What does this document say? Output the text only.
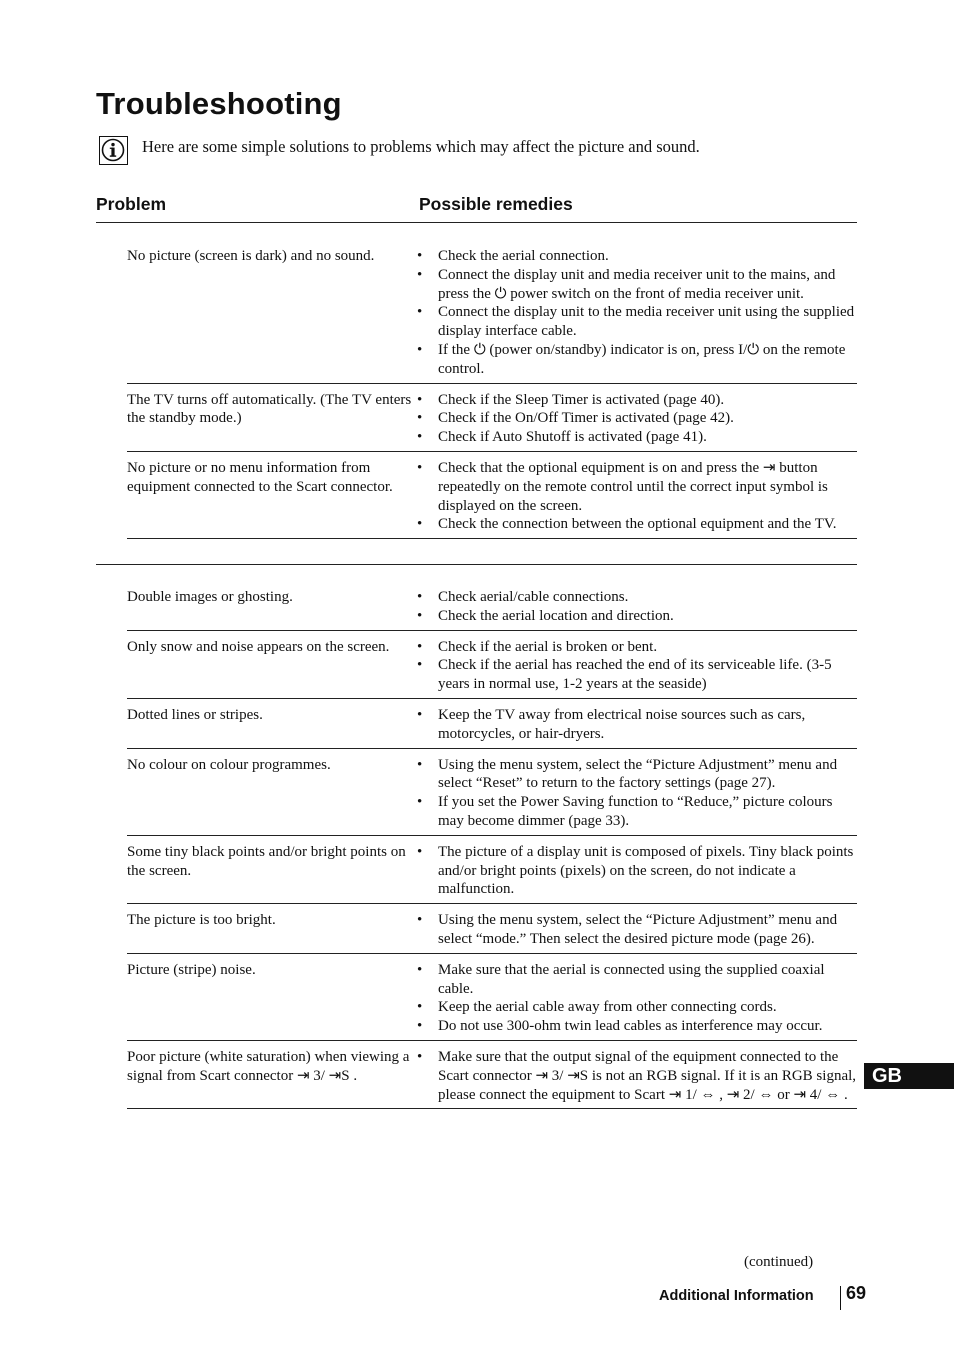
Troubleshooting
Here are some simple solutions to problems which may affect the picture and sound.
Problem	Possible remedies
No picture (screen is dark) and no sound.	• Check the aerial connection.
• Connect the display unit and media receiver unit to the mains, and press the ⏻ power switch on the front of media receiver unit.
• Connect the display unit to the media receiver unit using the supplied display interface cable.
• If the ⏻ (power on/standby) indicator is on, press I/⏻ on the remote control.
The TV turns off automatically. (The TV enters the standby mode.)
• Check if the Sleep Timer is activated (page 40).
• Check if the On/Off Timer is activated (page 42).
• Check if Auto Shutoff is activated (page 41).
No picture or no menu information from equipment connected to the Scart connector.
• Check that the optional equipment is on and press the ⇥ button repeatedly on the remote control until the correct input symbol is displayed on the screen.
• Check the connection between the optional equipment and the TV.
Double images or ghosting.	• Check aerial/cable connections.
• Check the aerial location and direction.
Only snow and noise appears on the screen.	• Check if the aerial is broken or bent.
• Check if the aerial has reached the end of its serviceable life. (3-5 years in normal use, 1-2 years at the seaside)
Dotted lines or stripes.	• Keep the TV away from electrical noise sources such as cars, motorcycles, or hair-dryers.
No colour on colour programmes.	• Using the menu system, select the “Picture Adjustment” menu and select “Reset” to return to the factory settings (page 27).
• If you set the Power Saving function to “Reduce,” picture colours may become dimmer (page 33).
Some tiny black points and/or bright points on the screen.
• The picture of a display unit is composed of pixels. Tiny black points and/or bright points (pixels) on the screen, do not indicate a malfunction.
The picture is too bright.	• Using the menu system, select the “Picture Adjustment” menu and select “mode.” Then select the desired picture mode (page 26).
Picture (stripe) noise.	• Make sure that the aerial is connected using the supplied coaxial cable.
• Keep the aerial cable away from other connecting cords.
• Do not use 300-ohm twin lead cables as interference may occur.
Poor picture (white saturation) when viewing a signal from Scart connector ⇥ 3/ ⇥S .
• Make sure that the output signal of the equipment connected to the Scart connector ⇥ 3/ ⇥S is not an RGB signal. If it is an RGB signal, please connect the equipment to Scart ⇥ 1/ ⇔ , ⇥ 2/ ⇔ or ⇥ 4/ ⇔ .
GB
(continued)
Additional Information 69
